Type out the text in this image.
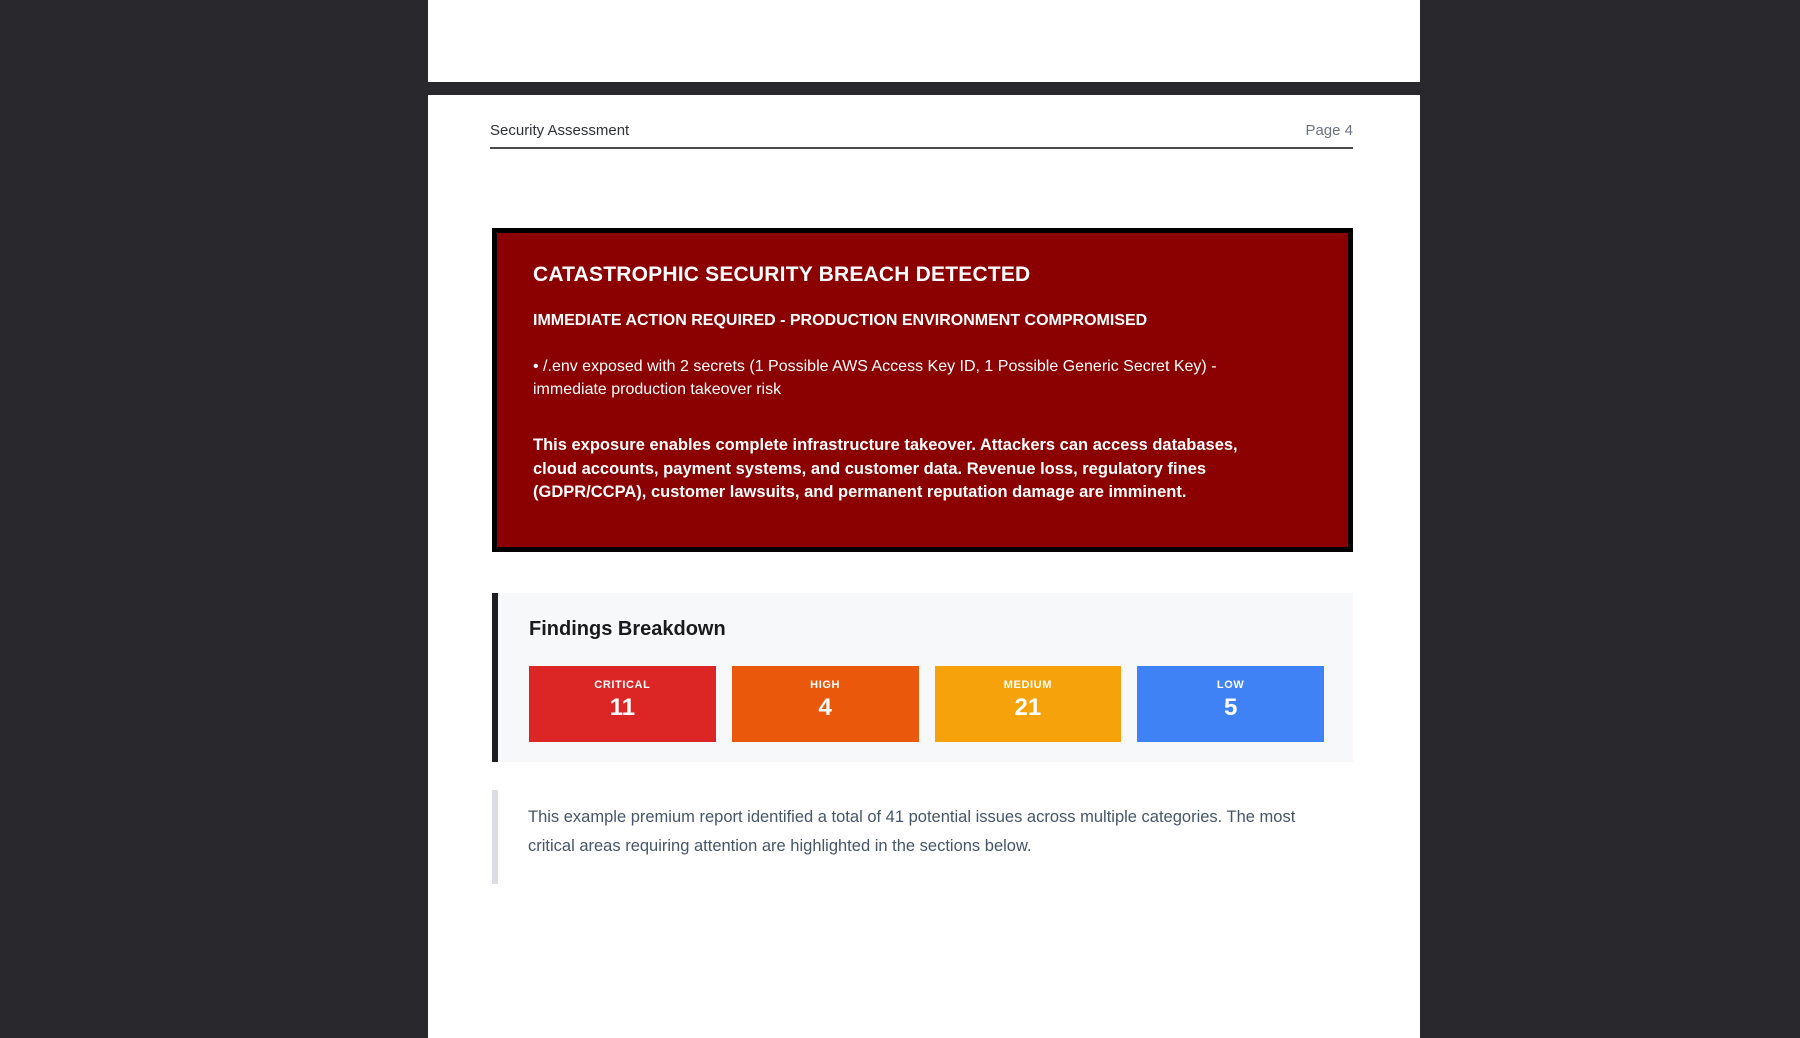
Security Assessment	Page 4
CATASTROPHIC SECURITY BREACH DETECTED
IMMEDIATE ACTION REQUIRED - PRODUCTION ENVIRONMENT COMPROMISED
• /.env exposed with 2 secrets (1 Possible AWS Access Key ID, 1 Possible Generic Secret Key) - immediate production takeover risk
This exposure enables complete infrastructure takeover. Attackers can access databases, cloud accounts, payment systems, and customer data. Revenue loss, regulatory fines (GDPR/CCPA), customer lawsuits, and permanent reputation damage are imminent.
Findings Breakdown
CRITICAL
11
HIGH
4
MEDIUM
21
LOW
5
This example premium report identified a total of 41 potential issues across multiple categories. The most critical areas requiring attention are highlighted in the sections below.
